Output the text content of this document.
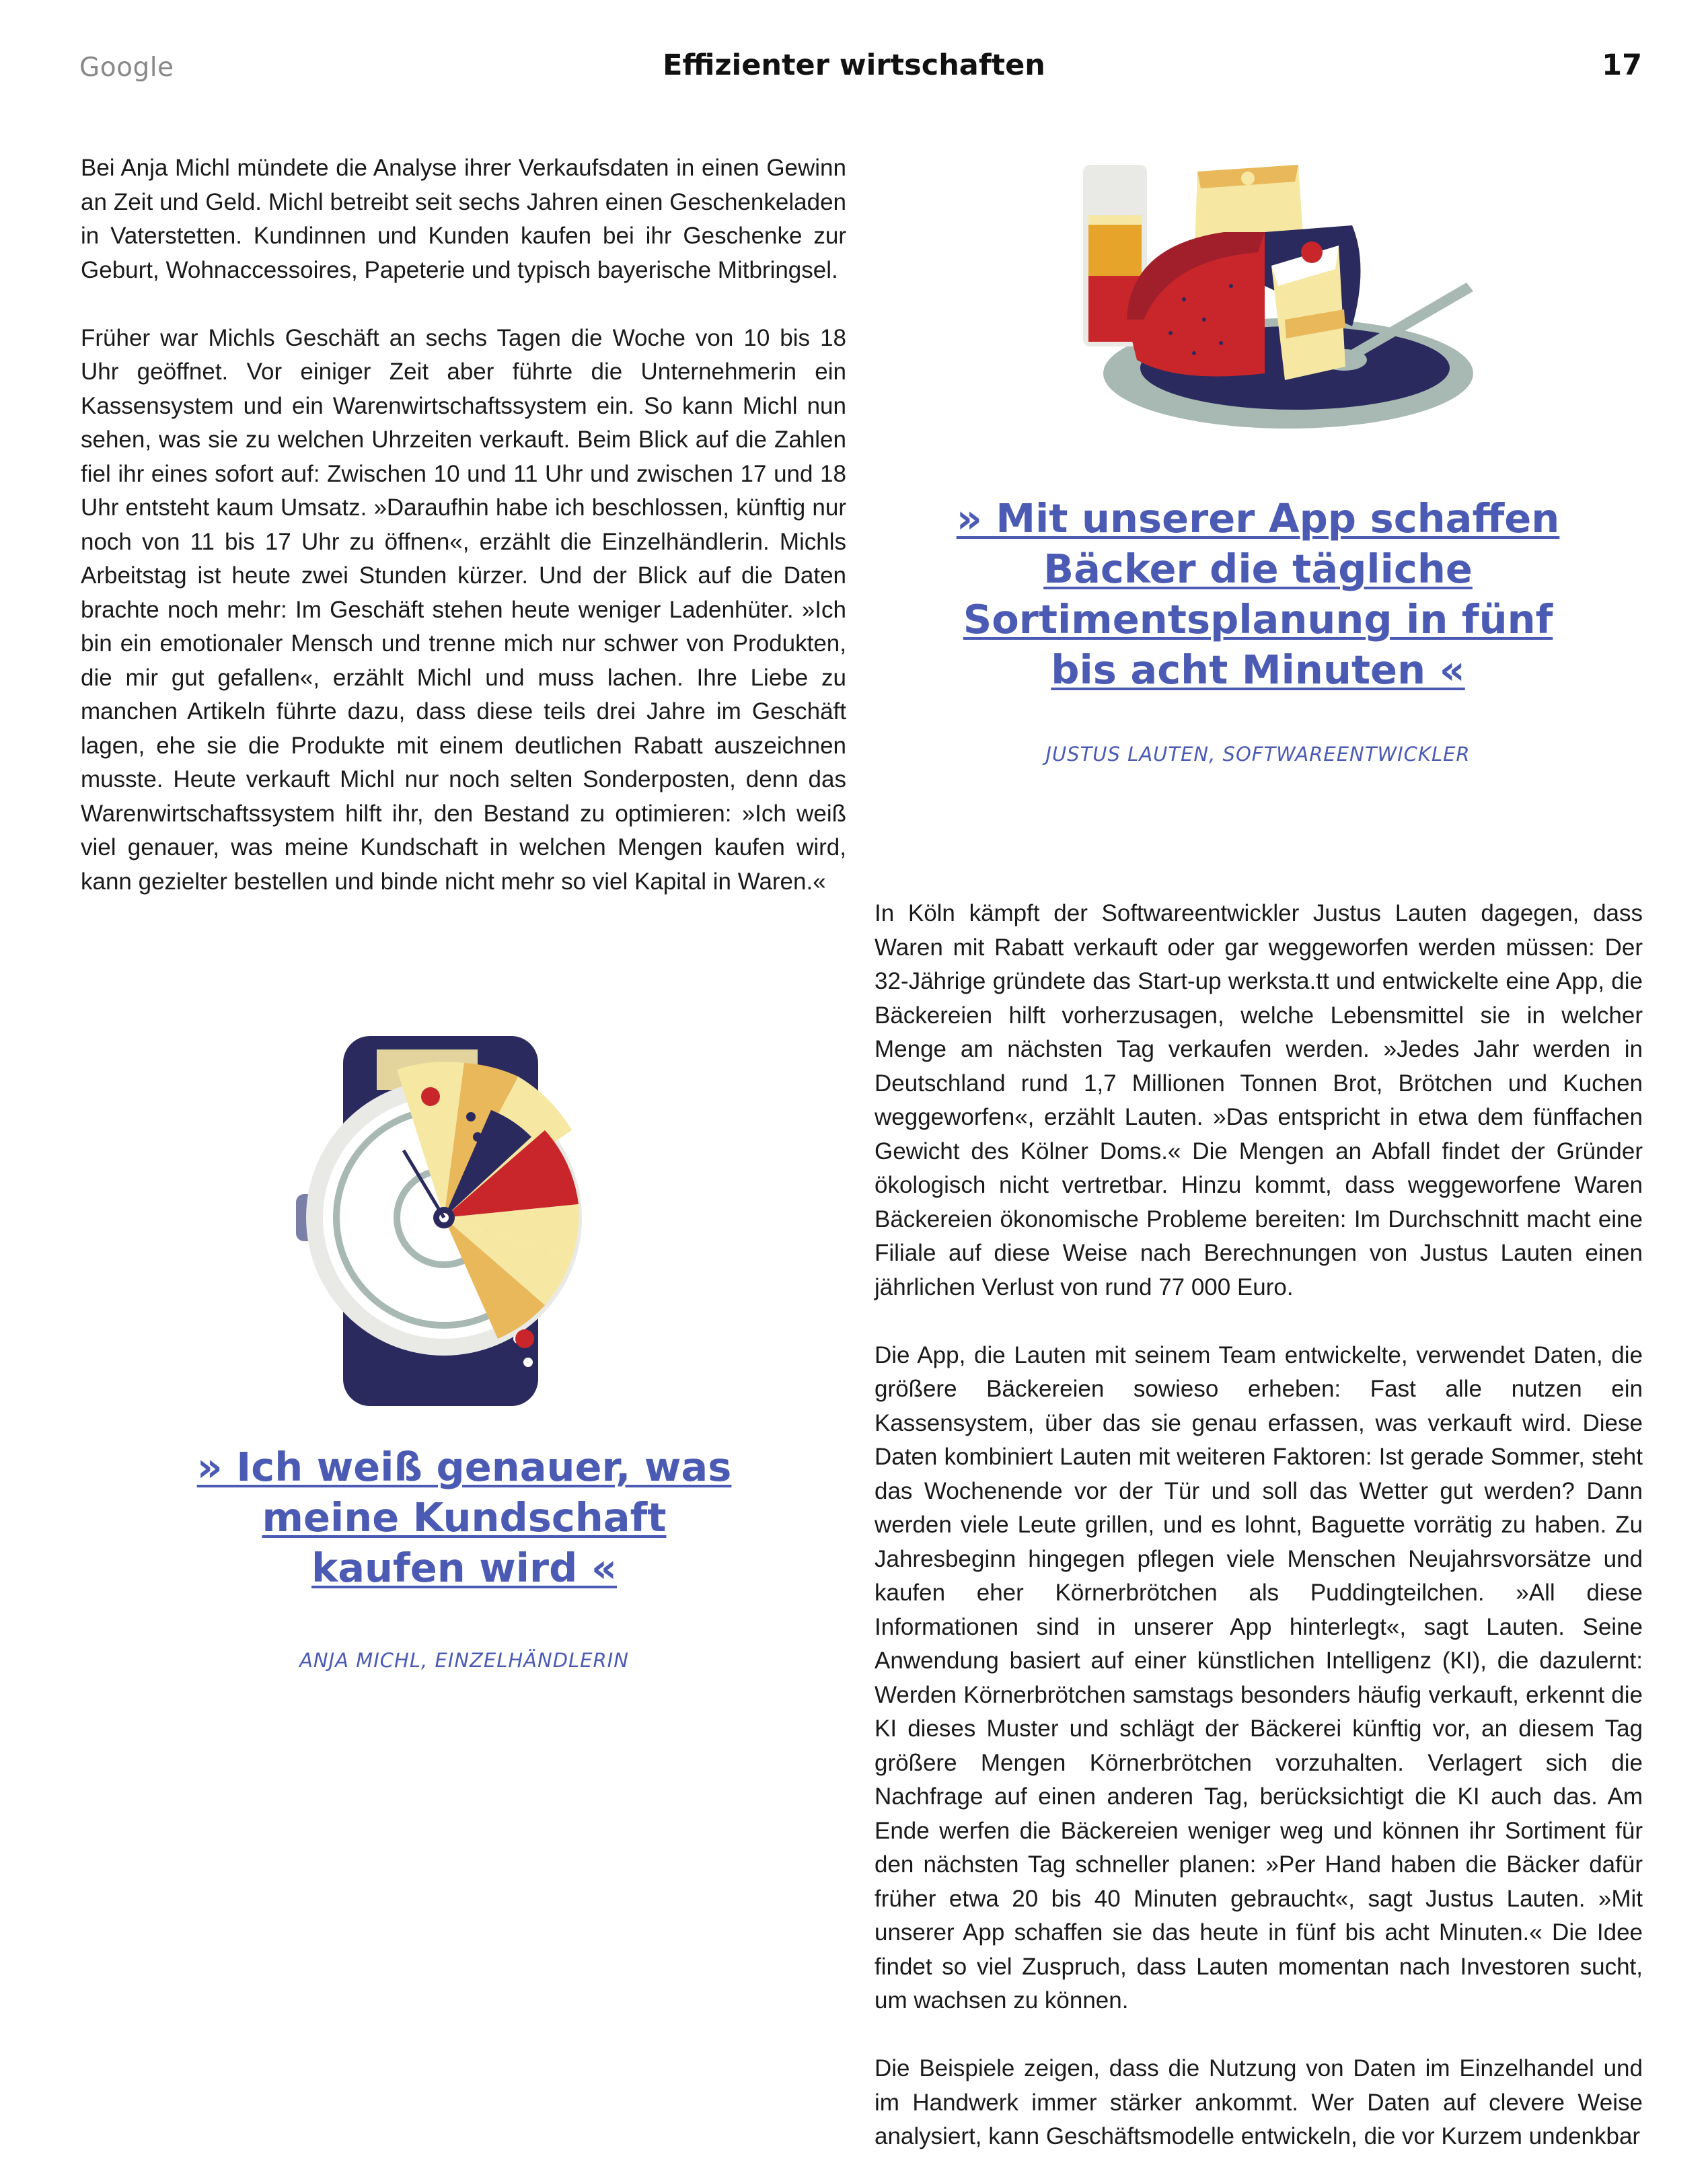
Google	Effizienter wirtschaften	17

Bei Anja Michl mündete die Analyse ihrer Verkaufsdaten in einen Gewinn an Zeit und Geld. Michl betreibt seit sechs Jahren einen Geschenkeladen in Vaterstetten. Kundinnen und Kunden kaufen bei ihr Geschenke zur Geburt, Wohnaccessoires, Papeterie und typisch bayerische Mitbringsel.

Früher war Michls Geschäft an sechs Tagen die Woche von 10 bis 18 Uhr geöffnet. Vor einiger Zeit aber führte die Unternehmerin ein Kassensystem und ein Warenwirtschaftssystem ein. So kann Michl nun sehen, was sie zu welchen Uhrzeiten verkauft. Beim Blick auf die Zahlen fiel ihr eines sofort auf: Zwischen 10 und 11 Uhr und zwischen 17 und 18 Uhr entsteht kaum Umsatz. »Daraufhin habe ich beschlossen, künftig nur noch von 11 bis 17 Uhr zu öffnen«, erzählt die Einzelhändlerin. Michls Arbeitstag ist heute zwei Stunden kürzer. Und der Blick auf die Daten brachte noch mehr: Im Geschäft stehen heute weniger Ladenhüter. »Ich bin ein emotionaler Mensch und trenne mich nur schwer von Produkten, die mir gut gefallen«, erzählt Michl und muss lachen. Ihre Liebe zu manchen Artikeln führte dazu, dass diese teils drei Jahre im Geschäft lagen, ehe sie die Produkte mit einem deutlichen Rabatt auszeichnen musste. Heute verkauft Michl nur noch selten Sonderposten, denn das Warenwirtschaftssystem hilft ihr, den Bestand zu optimieren: »Ich weiß viel genauer, was meine Kundschaft in welchen Mengen kaufen wird, kann gezielter bestellen und binde nicht mehr so viel Kapital in Waren.«

» Mit unserer App schaffen Bäcker die tägliche Sortimentsplanung in fünf bis acht Minuten «
JUSTUS LAUTEN, SOFTWAREENTWICKLER
» Ich weiß genauer, was meine Kundschaft kaufen wird «
ANJA MICHL, EINZELHÄNDLERIN

In Köln kämpft der Softwareentwickler Justus Lauten dagegen, dass Waren mit Rabatt verkauft oder gar weggeworfen werden müssen: Der 32-Jährige gründete das Start-up werksta.tt und entwickelte eine App, die Bäckereien hilft vorherzusagen, welche Lebensmittel sie in welcher Menge am nächsten Tag verkaufen werden. »Jedes Jahr werden in Deutschland rund 1,7 Millionen Tonnen Brot, Brötchen und Kuchen weggeworfen«, erzählt Lauten. »Das entspricht in etwa dem fünffachen Gewicht des Kölner Doms.« Die Mengen an Abfall findet der Gründer ökologisch nicht vertretbar. Hinzu kommt, dass weggeworfene Waren Bäckereien ökonomische Probleme bereiten: Im Durchschnitt macht eine Filiale auf diese Weise nach Berechnungen von Justus Lauten einen jährlichen Verlust von rund 77 000 Euro.

Die App, die Lauten mit seinem Team entwickelte, verwendet Daten, die größere Bäckereien sowieso erheben: Fast alle nutzen ein Kassensystem, über das sie genau erfassen, was verkauft wird. Diese Daten kombiniert Lauten mit weiteren Faktoren: Ist gerade Sommer, steht das Wochenende vor der Tür und soll das Wetter gut werden? Dann werden viele Leute grillen, und es lohnt, Baguette vorrätig zu haben. Zu Jahresbeginn hingegen pflegen viele Menschen Neujahrsvorsätze und kaufen eher Körnerbrötchen als Puddingteilchen. »All diese Informationen sind in unserer App hinterlegt«, sagt Lauten. Seine Anwendung basiert auf einer künstlichen Intelligenz (KI), die dazulernt: Werden Körnerbrötchen samstags besonders häufig verkauft, erkennt die KI dieses Muster und schlägt der Bäckerei künftig vor, an diesem Tag größere Mengen Körnerbrötchen vorzuhalten. Verlagert sich die Nachfrage auf einen anderen Tag, berücksichtigt die KI auch das. Am Ende werfen die Bäckereien weniger weg und können ihr Sortiment für den nächsten Tag schneller planen: »Per Hand haben die Bäcker dafür früher etwa 20 bis 40 Minuten gebraucht«, sagt Justus Lauten. »Mit unserer App schaffen sie das heute in fünf bis acht Minuten.« Die Idee findet so viel Zuspruch, dass Lauten momentan nach Investoren sucht, um wachsen zu können.

Die Beispiele zeigen, dass die Nutzung von Daten im Einzelhandel und im Handwerk immer stärker ankommt. Wer Daten auf clevere Weise analysiert, kann Geschäftsmodelle entwickeln, die vor Kurzem undenkbar
